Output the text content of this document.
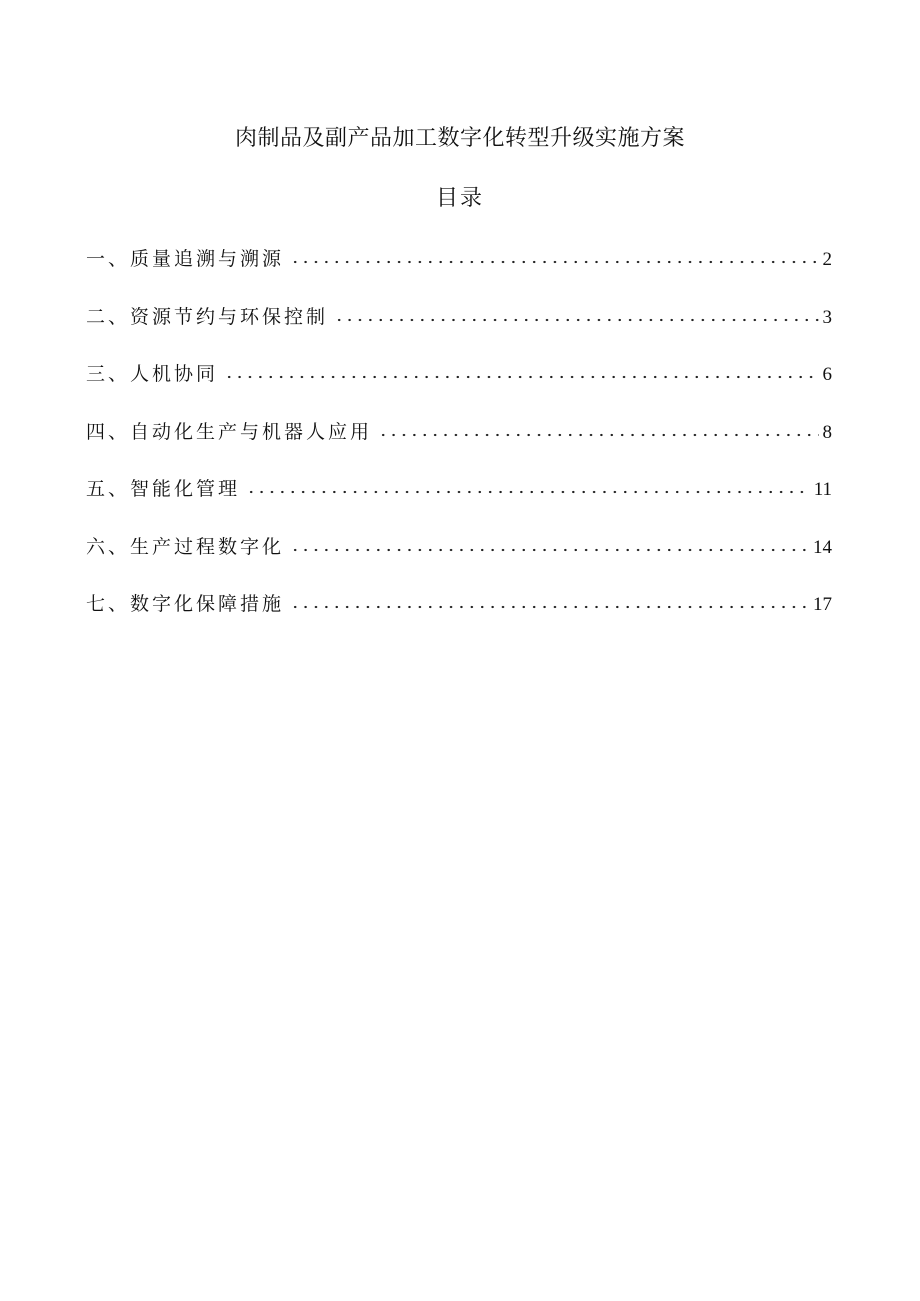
肉制品及副产品加工数字化转型升级实施方案
目录
一、质量追溯与溯源	2
二、资源节约与环保控制	3
三、人机协同	6
四、自动化生产与机器人应用	8
五、智能化管理	11
六、生产过程数字化	14
七、数字化保障措施	17
